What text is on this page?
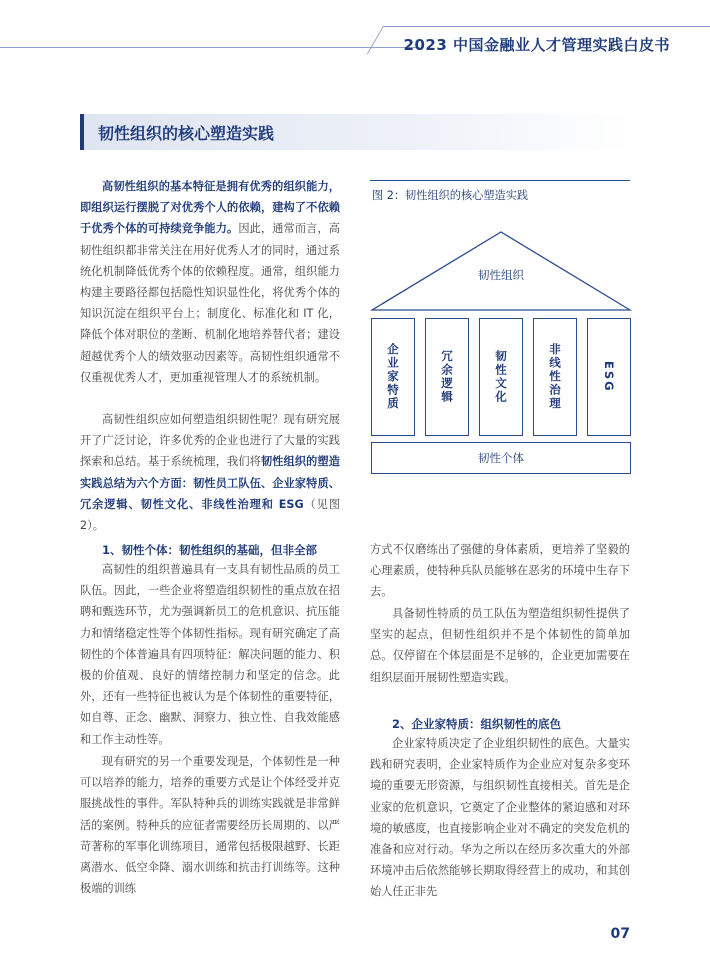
2023 中国金融业人才管理实践白皮书
韧性组织的核心塑造实践
高韧性组织的基本特征是拥有优秀的组织能力，即组织运行摆脱了对优秀个人的依赖，建构了不依赖于优秀个体的可持续竞争能力。因此，通常而言，高韧性组织都非常关注在用好优秀人才的同时，通过系统化机制降低优秀个体的依赖程度。通常，组织能力构建主要路径都包括隐性知识显性化，将优秀个体的知识沉淀在组织平台上；制度化、标准化和 IT 化，降低个体对职位的垄断、机制化地培养替代者；建设超越优秀个人的绩效驱动因素等。高韧性组织通常不仅重视优秀人才，更加重视管理人才的系统机制。
高韧性组织应如何塑造组织韧性呢？现有研究展开了广泛讨论，许多优秀的企业也进行了大量的实践探索和总结。基于系统梳理，我们将韧性组织的塑造实践总结为六个方面：韧性员工队伍、企业家特质、冗余逻辑、韧性文化、非线性治理和 ESG（见图 2）。
1、韧性个体：韧性组织的基础，但非全部
高韧性的组织普遍具有一支具有韧性品质的员工队伍。因此，一些企业将塑造组织韧性的重点放在招聘和甄选环节，尤为强调新员工的危机意识、抗压能力和情绪稳定性等个体韧性指标。现有研究确定了高韧性的个体普遍具有四项特征：解决问题的能力、积极的价值观、良好的情绪控制力和坚定的信念。此外，还有一些特征也被认为是个体韧性的重要特征，如自尊、正念、幽默、洞察力、独立性、自我效能感和工作主动性等。
现有研究的另一个重要发现是，个体韧性是一种可以培养的能力，培养的重要方式是让个体经受并克服挑战性的事件。军队特种兵的训练实践就是非常鲜活的案例。特种兵的应征者需要经历长周期的、以严苛著称的军事化训练项目，通常包括极限越野、长距离潜水、低空伞降、溺水训练和抗击打训练等。这种极端的训练
图 2：韧性组织的核心塑造实践
韧性组织
企业家特质	冗余逻辑	韧性文化	非线性治理	ESG
韧性个体
方式不仅磨练出了强健的身体素质，更培养了坚毅的心理素质，使特种兵队员能够在恶劣的环境中生存下去。
具备韧性特质的员工队伍为塑造组织韧性提供了坚实的起点，但韧性组织并不是个体韧性的简单加总。仅停留在个体层面是不足够的，企业更加需要在组织层面开展韧性塑造实践。
2、企业家特质：组织韧性的底色
企业家特质决定了企业组织韧性的底色。大量实践和研究表明，企业家特质作为企业应对复杂多变环境的重要无形资源，与组织韧性直接相关。首先是企业家的危机意识，它奠定了企业整体的紧迫感和对环境的敏感度，也直接影响企业对不确定的突发危机的准备和应对行动。华为之所以在经历多次重大的外部环境冲击后依然能够长期取得经营上的成功，和其创始人任正非先
07
